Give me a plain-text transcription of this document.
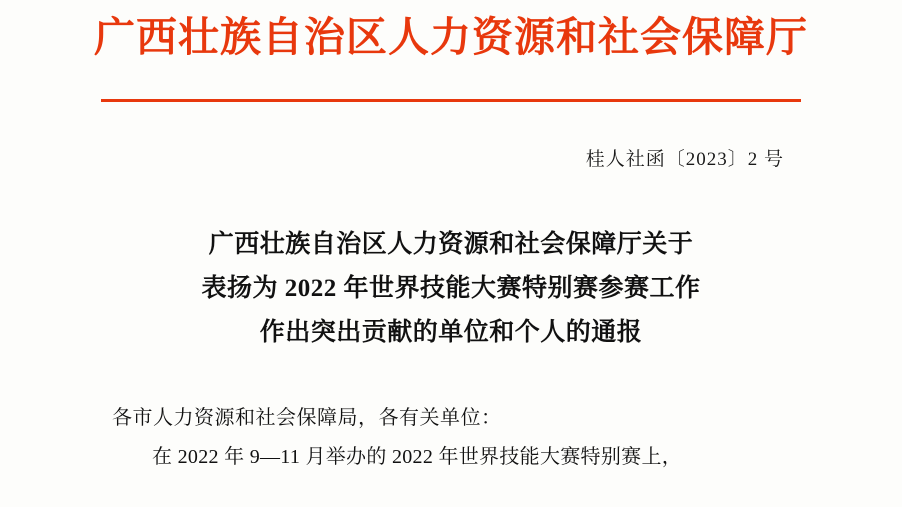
广西壮族自治区人力资源和社会保障厅
桂人社函〔2023〕2 号
广西壮族自治区人力资源和社会保障厅关于
表扬为 2022 年世界技能大赛特别赛参赛工作
作出突出贡献的单位和个人的通报
各市人力资源和社会保障局，各有关单位：
在 2022 年 9—11 月举办的 2022 年世界技能大赛特别赛上，
